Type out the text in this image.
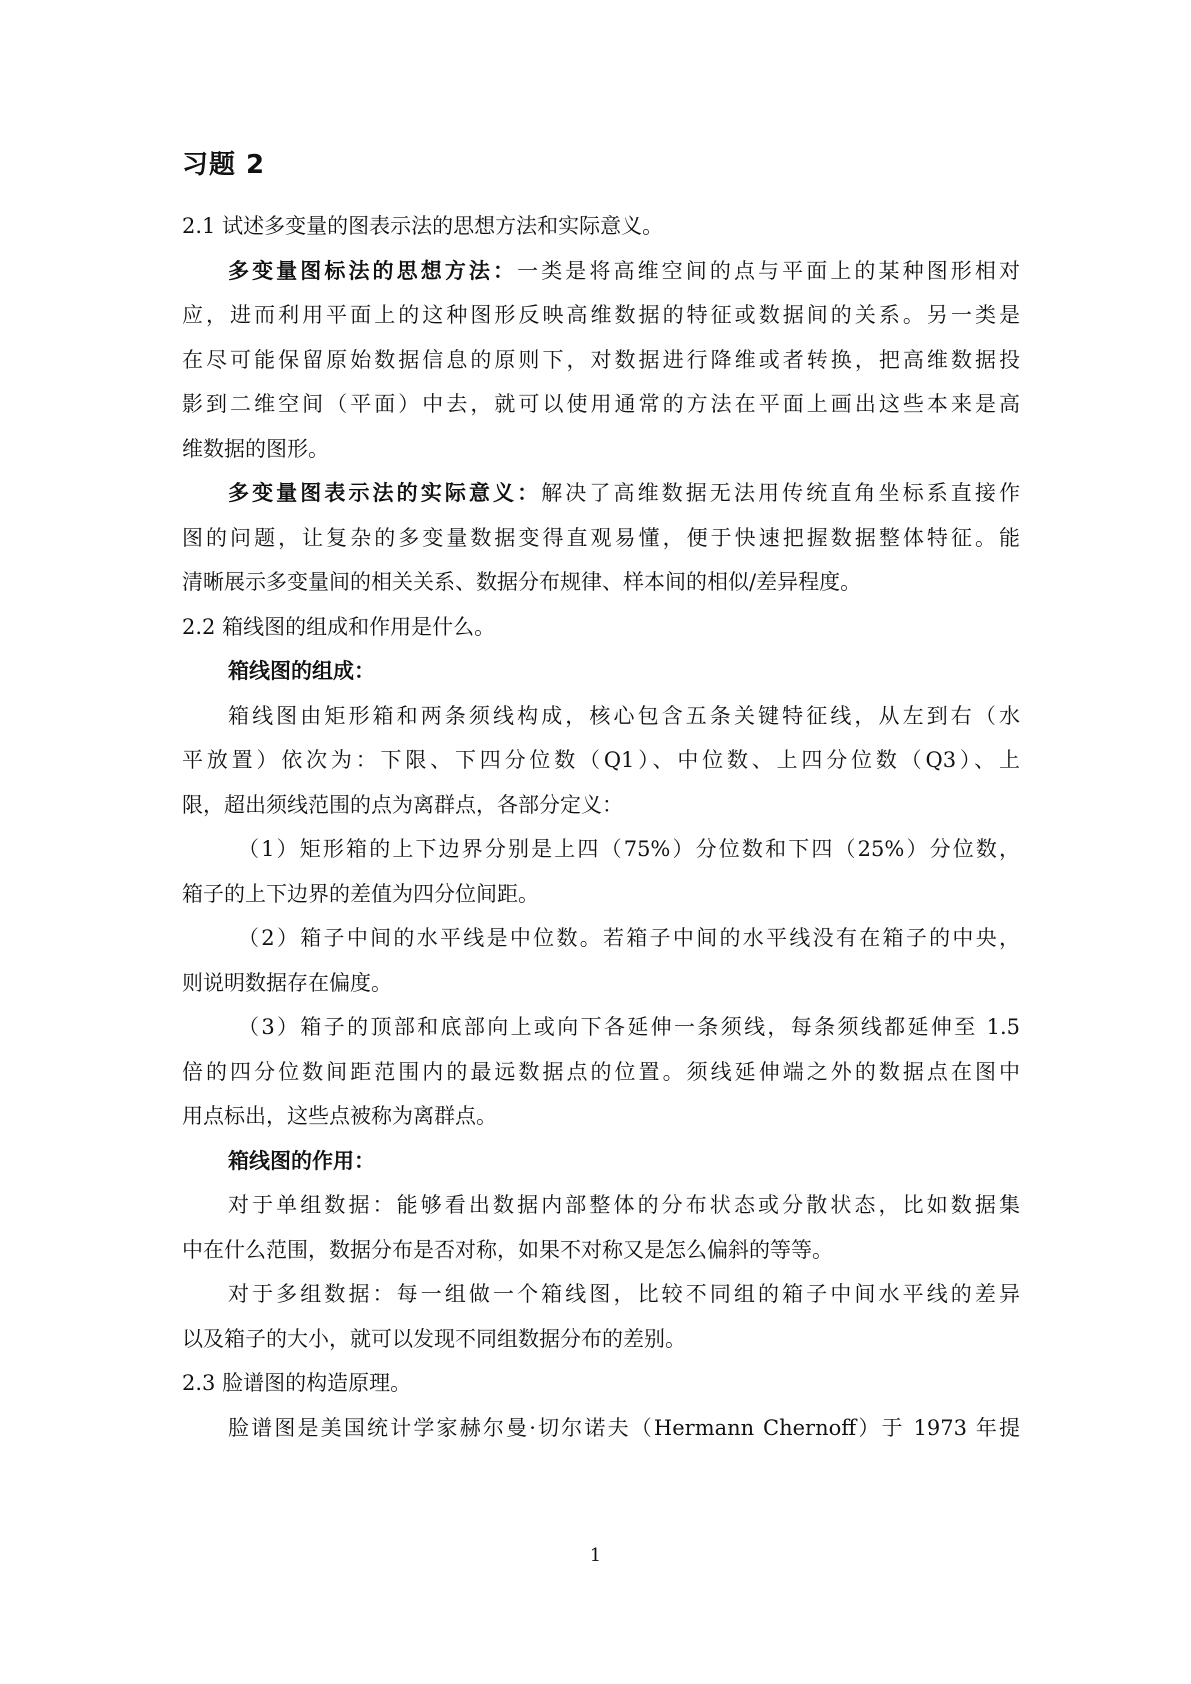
习题 2
2.1 试述多变量的图表示法的思想方法和实际意义。
多变量图标法的思想方法：一类是将高维空间的点与平面上的某种图形相对
应，进而利用平面上的这种图形反映高维数据的特征或数据间的关系。另一类是
在尽可能保留原始数据信息的原则下，对数据进行降维或者转换，把高维数据投
影到二维空间（平面）中去，就可以使用通常的方法在平面上画出这些本来是高
维数据的图形。
多变量图表示法的实际意义：解决了高维数据无法用传统直角坐标系直接作
图的问题，让复杂的多变量数据变得直观易懂，便于快速把握数据整体特征。能
清晰展示多变量间的相关关系、数据分布规律、样本间的相似/差异程度。
2.2 箱线图的组成和作用是什么。
箱线图的组成：
箱线图由矩形箱和两条须线构成，核心包含五条关键特征线，从左到右（水
平放置）依次为：下限、下四分位数（Q1）、中位数、上四分位数（Q3）、上
限，超出须线范围的点为离群点，各部分定义：
（1）矩形箱的上下边界分别是上四（75%）分位数和下四（25%）分位数，
箱子的上下边界的差值为四分位间距。
（2）箱子中间的水平线是中位数。若箱子中间的水平线没有在箱子的中央，
则说明数据存在偏度。
（3）箱子的顶部和底部向上或向下各延伸一条须线，每条须线都延伸至 1.5
倍的四分位数间距范围内的最远数据点的位置。须线延伸端之外的数据点在图中
用点标出，这些点被称为离群点。
箱线图的作用：
对于单组数据：能够看出数据内部整体的分布状态或分散状态，比如数据集
中在什么范围，数据分布是否对称，如果不对称又是怎么偏斜的等等。
对于多组数据：每一组做一个箱线图，比较不同组的箱子中间水平线的差异
以及箱子的大小，就可以发现不同组数据分布的差别。
2.3 脸谱图的构造原理。
脸谱图是美国统计学家赫尔曼·切尔诺夫（Hermann Chernoff）于 1973 年提
1
